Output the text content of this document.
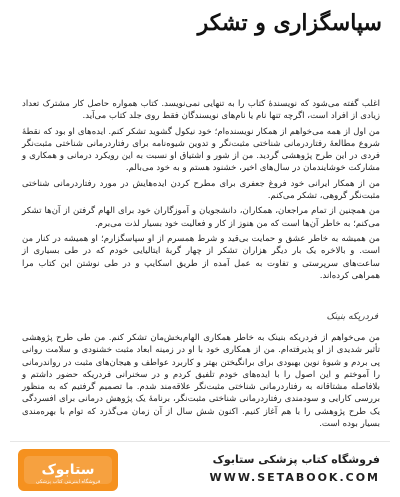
سپاسگزاری و تشکر

اغلب گفته می‌شود که نویسندۀ کتاب را به تنهایی نمی‌نویسد. کتاب همواره حاصل کار مشترک تعداد زیادی از افراد است، اگرچه تنها نام یا نام‌های نویسندگان فقط روی جلد کتاب می‌آید.

من اول از همه می‌خواهم از همکار نویسنده‌ام؛ خود نیکول گشوید تشکر کنم. ایده‌های او بود که نقطۀ شروع مطالعۀ رفتاردرمانی شناختی مثبت‌نگر و تدوین شیوه‌نامه برای رفتاردرمانی شناختی مثبت‌نگر فردی در این طرح پژوهشی گردید. من از شور و اشتیاق او نسبت به این رویکرد درمانی و همکاری و مشارکت خوشایندمان در سال‌های اخیر، خشنود هستم و به خود می‌بالم.

من از همکار ایرانی خود فروغ جعفری برای مطرح کردن ایده‌هایش در مورد رفتاردرمانی شناختی مثبت‌نگر گروهی، تشکر می‌کنم.

من همچنین از تمام مراجعان، همکاران، دانشجویان و آموزگاران خود برای الهام گرفتن از آن‌ها تشکر می‌کنم؛ به خاطر آن‌ها است که من هنوز از کار و فعالیت خود بسیار لذت می‌برم.

من همیشه به خاطر عشق و حمایت بی‌قید و شرط همسرم از او سپاسگزارم؛ او همیشه در کنار من است. و بالاخره یک بار دیگر هزاران تشکر از چهار گربۀ ایتالیایی خودم که در طی بسیاری از ساعت‌های سرپرستی و تفاوت به عمل آمده از طریق اسکایپ و در طی نوشتن این کتاب مرا همراهی کرده‌اند.

فردریکه بنینک

من می‌خواهم از فردریکه بنینک به خاطر همکاری الهام‌بخش‌مان تشکر کنم. من طی طرح پژوهشی تأثیر شدیدی از او پذیرفته‌ام. من از همکاری خود با او در زمینه ابعاد مثبت خشنودی و سلامت روانی پی بردم و شیوهٔ نوین بهبودی برای برانگیختن بهتر و کاربرد عواطف و هیجان‌های مثبت در رواندرمانی را آموختم و این اصول را با ایده‌های خودم تلفیق کردم و در سخنرانی فردریکه حضور داشتم و بلافاصله مشتاقانه به رفتاردرمانی شناختی مثبت‌نگر علاقه‌مند شدم. ما تصمیم گرفتیم که به منظور بررسی کارایی و سودمندی رفتاردرمانی شناختی مثبت‌نگر، برنامهٔ یک پژوهش درمانی برای افسردگی یک طرح پژوهشی را با هم آغاز کنیم. اکنون شش سال از آن زمان می‌گذرد که توام با بهره‌مندی بسیار بوده است.

ستابوک
فروشگاه اینترنتی کتاب پزشکی
فروشگاه کتاب پزشکی ستابوک
WWW.SETABOOK.COM
